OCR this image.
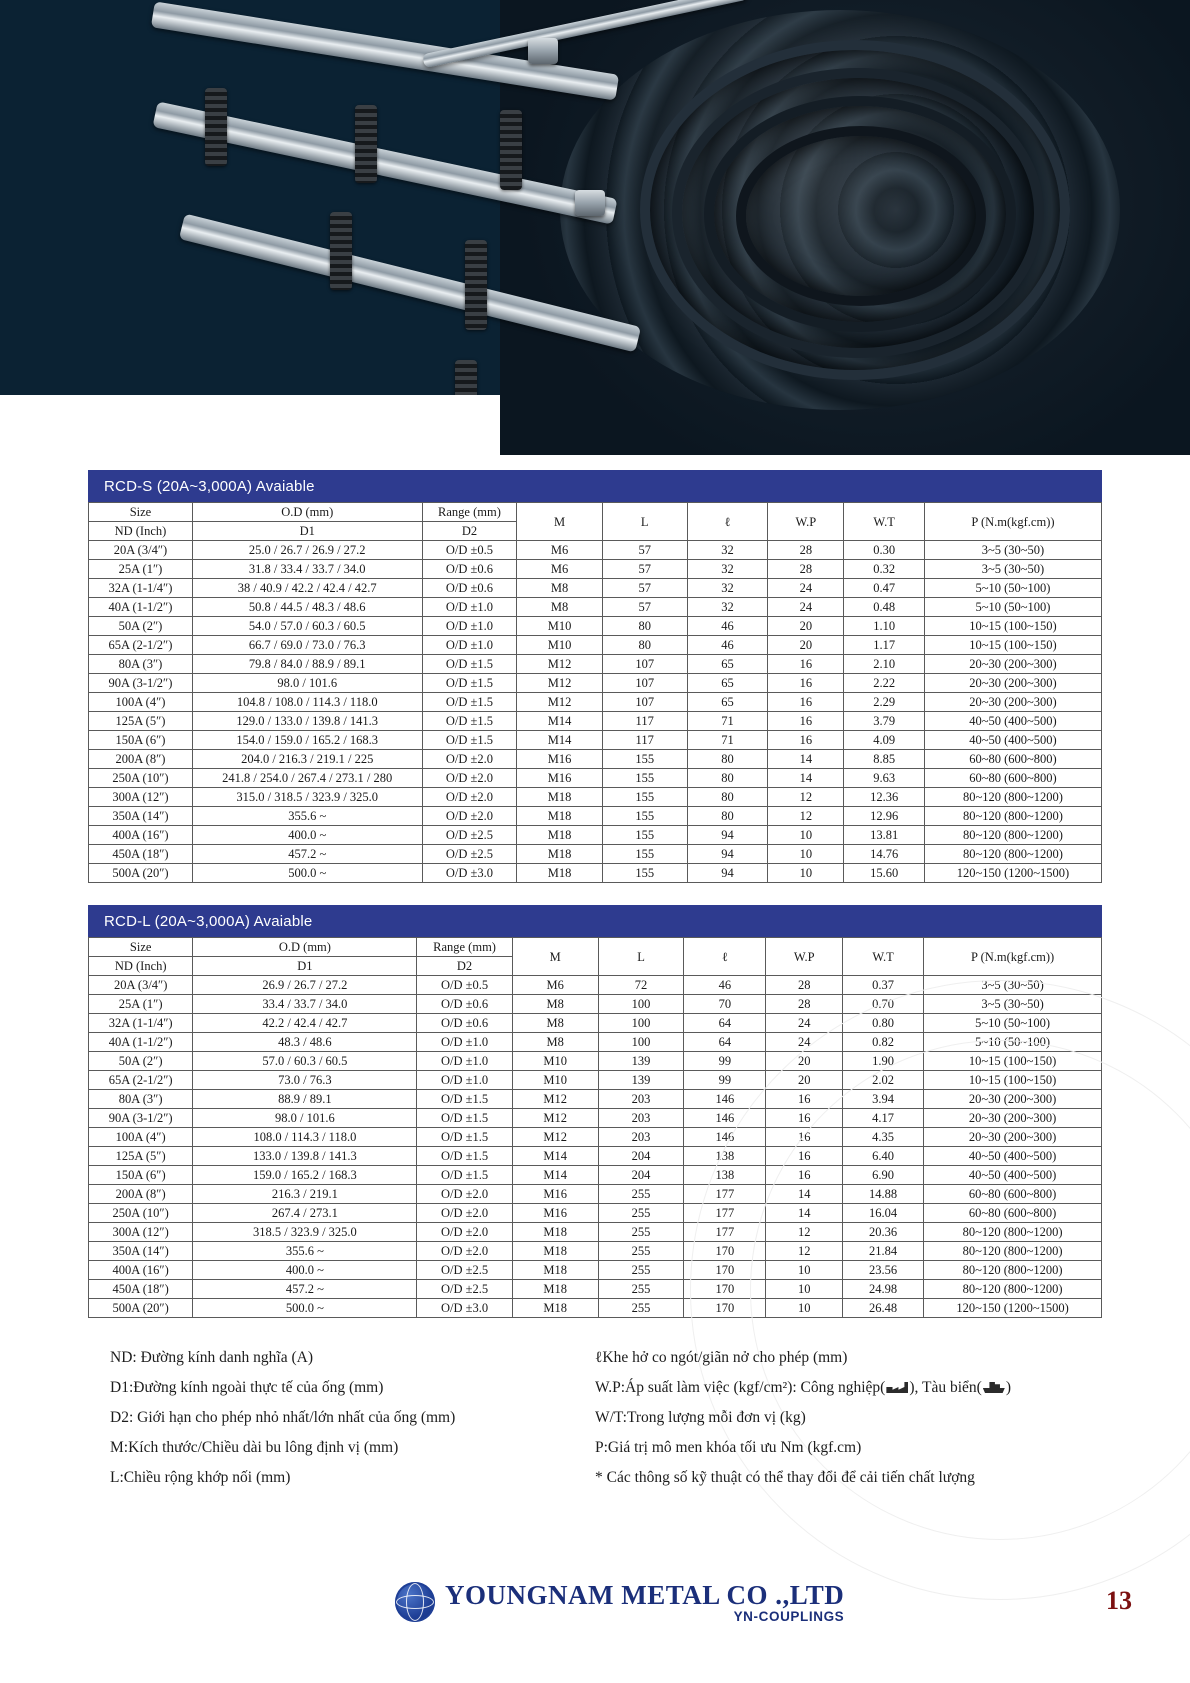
RCD-S (20A~3,000A) Avaiable
Size	O.D (mm)	Range (mm)	M	L	ℓ	W.P	W.T	P (N.m(kgf.cm))
ND (Inch)	D1	D2						
20A (3/4″)	25.0 / 26.7 / 26.9 / 27.2	O/D ±0.5	M6	57	32	28	0.30	3~5 (30~50)
25A (1″)	31.8 / 33.4 / 33.7 / 34.0	O/D ±0.6	M6	57	32	28	0.32	3~5 (30~50)
32A (1-1/4″)	38 / 40.9 / 42.2 / 42.4 / 42.7	O/D ±0.6	M8	57	32	24	0.47	5~10 (50~100)
40A (1-1/2″)	50.8 / 44.5 / 48.3 / 48.6	O/D ±1.0	M8	57	32	24	0.48	5~10 (50~100)
50A (2″)	54.0 / 57.0 / 60.3 / 60.5	O/D ±1.0	M10	80	46	20	1.10	10~15 (100~150)
65A (2-1/2″)	66.7 / 69.0 / 73.0 / 76.3	O/D ±1.0	M10	80	46	20	1.17	10~15 (100~150)
80A (3″)	79.8 / 84.0 / 88.9 / 89.1	O/D ±1.5	M12	107	65	16	2.10	20~30 (200~300)
90A (3-1/2″)	98.0 / 101.6	O/D ±1.5	M12	107	65	16	2.22	20~30 (200~300)
100A (4″)	104.8 / 108.0 / 114.3 / 118.0	O/D ±1.5	M12	107	65	16	2.29	20~30 (200~300)
125A (5″)	129.0 / 133.0 / 139.8 / 141.3	O/D ±1.5	M14	117	71	16	3.79	40~50 (400~500)
150A (6″)	154.0 / 159.0 / 165.2 / 168.3	O/D ±1.5	M14	117	71	16	4.09	40~50 (400~500)
200A (8″)	204.0 / 216.3 / 219.1 / 225	O/D ±2.0	M16	155	80	14	8.85	60~80 (600~800)
250A (10″)	241.8 / 254.0 / 267.4 / 273.1 / 280	O/D ±2.0	M16	155	80	14	9.63	60~80 (600~800)
300A (12″)	315.0 / 318.5 / 323.9 / 325.0	O/D ±2.0	M18	155	80	12	12.36	80~120 (800~1200)
350A (14″)	355.6 ~	O/D ±2.0	M18	155	80	12	12.96	80~120 (800~1200)
400A (16″)	400.0 ~	O/D ±2.5	M18	155	94	10	13.81	80~120 (800~1200)
450A (18″)	457.2 ~	O/D ±2.5	M18	155	94	10	14.76	80~120 (800~1200)
500A (20″)	500.0 ~	O/D ±3.0	M18	155	94	10	15.60	120~150 (1200~1500)
RCD-L (20A~3,000A) Avaiable
Size	O.D (mm)	Range (mm)	M	L	ℓ	W.P	W.T	P (N.m(kgf.cm))
ND (Inch)	D1	D2						
20A (3/4″)	26.9 / 26.7 / 27.2	O/D ±0.5	M6	72	46	28	0.37	3~5 (30~50)
25A (1″)	33.4 / 33.7 / 34.0	O/D ±0.6	M8	100	70	28	0.70	3~5 (30~50)
32A (1-1/4″)	42.2 / 42.4 / 42.7	O/D ±0.6	M8	100	64	24	0.80	5~10 (50~100)
40A (1-1/2″)	48.3 / 48.6	O/D ±1.0	M8	100	64	24	0.82	5~10 (50~100)
50A (2″)	57.0 / 60.3 / 60.5	O/D ±1.0	M10	139	99	20	1.90	10~15 (100~150)
65A (2-1/2″)	73.0 / 76.3	O/D ±1.0	M10	139	99	20	2.02	10~15 (100~150)
80A (3″)	88.9 / 89.1	O/D ±1.5	M12	203	146	16	3.94	20~30 (200~300)
90A (3-1/2″)	98.0 / 101.6	O/D ±1.5	M12	203	146	16	4.17	20~30 (200~300)
100A (4″)	108.0 / 114.3 / 118.0	O/D ±1.5	M12	203	146	16	4.35	20~30 (200~300)
125A (5″)	133.0 / 139.8 / 141.3	O/D ±1.5	M14	204	138	16	6.40	40~50 (400~500)
150A (6″)	159.0 / 165.2 / 168.3	O/D ±1.5	M14	204	138	16	6.90	40~50 (400~500)
200A (8″)	216.3 / 219.1	O/D ±2.0	M16	255	177	14	14.88	60~80 (600~800)
250A (10″)	267.4 / 273.1	O/D ±2.0	M16	255	177	14	16.04	60~80 (600~800)
300A (12″)	318.5 / 323.9 / 325.0	O/D ±2.0	M18	255	177	12	20.36	80~120 (800~1200)
350A (14″)	355.6 ~	O/D ±2.0	M18	255	170	12	21.84	80~120 (800~1200)
400A (16″)	400.0 ~	O/D ±2.5	M18	255	170	10	23.56	80~120 (800~1200)
450A (18″)	457.2 ~	O/D ±2.5	M18	255	170	10	24.98	80~120 (800~1200)
500A (20″)	500.0 ~	O/D ±3.0	M18	255	170	10	26.48	120~150 (1200~1500)

ND: Đường kính danh nghĩa (A)

D1:Đường kính ngoài thực tế của ống (mm)

D2: Giới hạn cho phép nhỏ nhất/lớn nhất của ống (mm)

M:Kích thước/Chiều dài bu lông định vị (mm)

L:Chiều rộng khớp nối (mm)

ℓKhe hở co ngót/giãn nở cho phép (mm)

W.P:Áp suất làm việc (kgf/cm²): Công nghiệp( ), Tàu biển( )

W/T:Trong lượng mỗi đơn vị (kg)

P:Giá trị mô men khóa tối ưu Nm (kgf.cm)

* Các thông số kỹ thuật có thể thay đổi để cải tiến chất lượng

YOUNGNAM METAL CO .,LTD
YN-COUPLINGS
13
